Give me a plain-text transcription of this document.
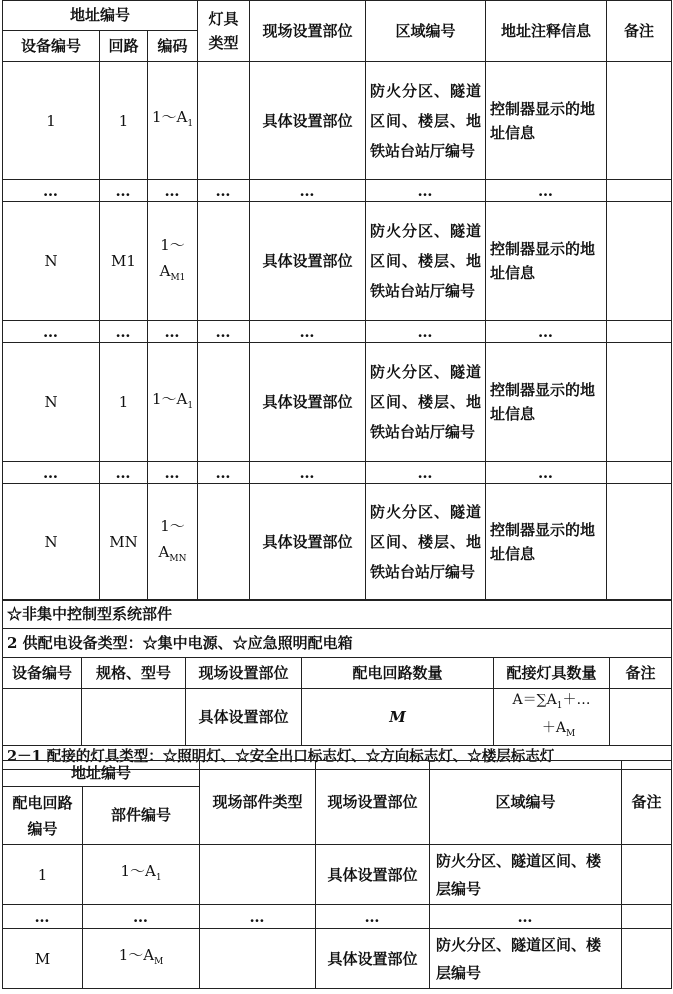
地址编号			灯具类型	现场设置部位	区域编号	地址注释信息	备注
设备编号	回路	编码					
1	1	$1\sim A_1$		具体设置部位	防火分区、隧道区间、楼层、地铁站台站厅编号	控制器显示的地址信息	
…	…	…	…	…	…	…	
N	M1	$1\sim A_{M1}$		具体设置部位	防火分区、隧道区间、楼层、地铁站台站厅编号	控制器显示的地址信息	
…	…	…	…	…	…	…	
N	1	$1\sim A_1$		具体设置部位	防火分区、隧道区间、楼层、地铁站台站厅编号	控制器显示的地址信息	
…	…	…	…	…	…	…	
N	MN	$1\sim A_{MN}$		具体设置部位	防火分区、隧道区间、楼层、地铁站台站厅编号	控制器显示的地址信息	
☆非集中控制型系统部件					
2 供配电设备类型：☆集中电源、☆应急照明配电箱					
设备编号	规格、型号	现场设置部位	配电回路数量	配接灯具数量	备注
		具体设置部位	M	$A=\sum A_1+\dots$
$+A_M$

2－1 配接的灯具类型：☆照明灯、☆安全出口标志灯、☆方向标志灯、☆楼层标志灯					
地址编号		现场部件类型	现场设置部位	区域编号	备注
配电回路编号	部件编号				
1	$1\sim A_1$		具体设置部位	防火分区、隧道区间、楼层编号	
…	…	…	…	…	
M	$1\sim A_M$		具体设置部位	防火分区、隧道区间、楼层编号	
